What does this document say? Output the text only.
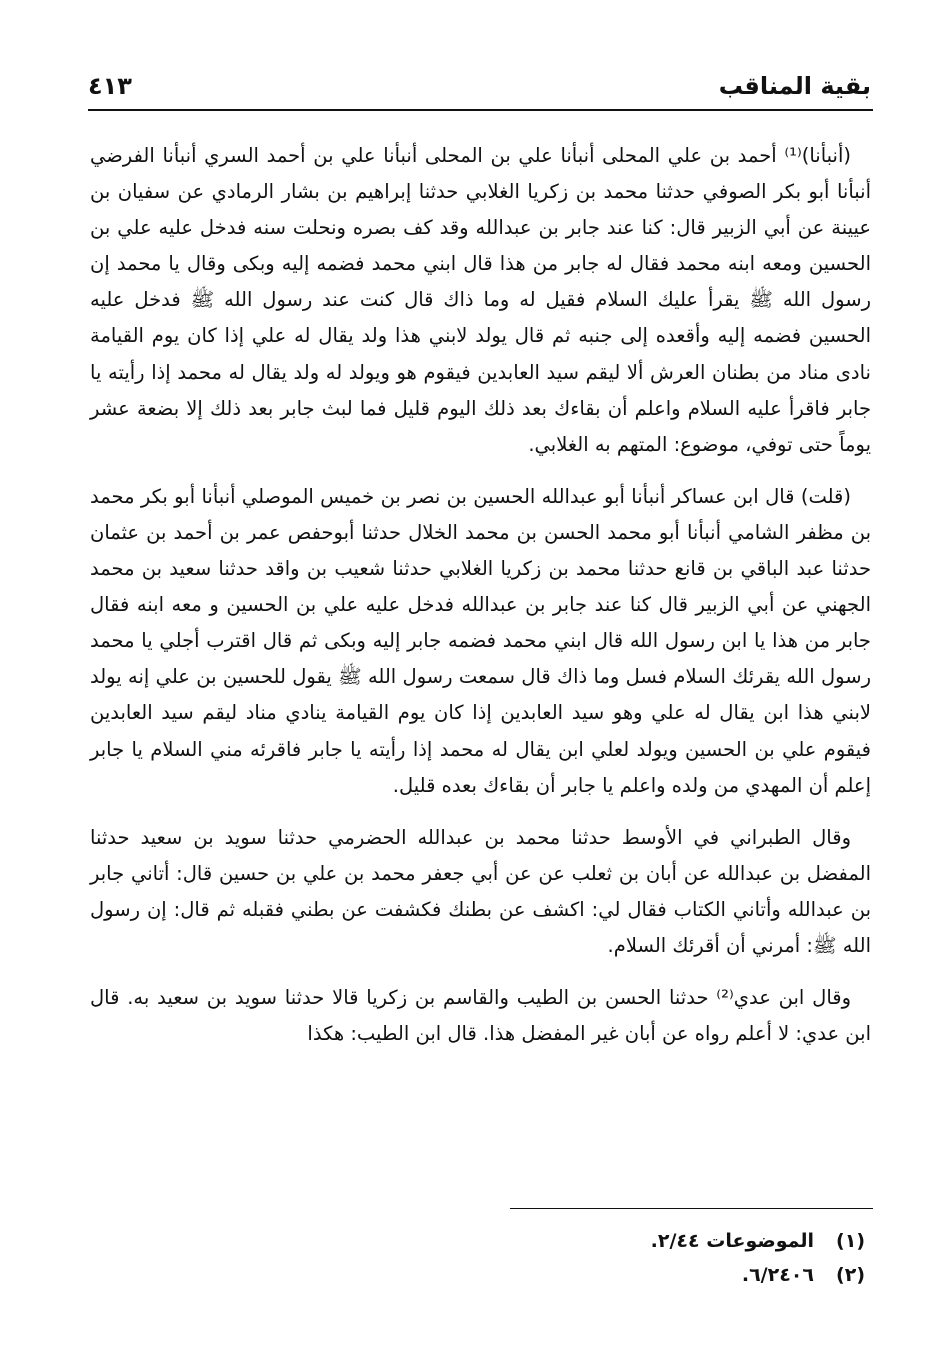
بقية المناقب
٤١٣

(أنبأنا)⁽¹⁾ أحمد بن علي المحلى أنبأنا علي بن المحلى أنبأنا علي بن أحمد السري أنبأنا الفرضي أنبأنا أبو بكر الصوفي حدثنا محمد بن زكريا الغلابي حدثنا إبراهيم بن بشار الرمادي عن سفيان بن عيينة عن أبي الزبير قال: كنا عند جابر بن عبدالله وقد كف بصره ونحلت سنه فدخل عليه علي بن الحسين ومعه ابنه محمد فقال له جابر من هذا قال ابني محمد فضمه إليه وبكى وقال يا محمد إن رسول الله ﷺ يقرأ عليك السلام فقيل له وما ذاك قال كنت عند رسول الله ﷺ فدخل عليه الحسين فضمه إليه وأقعده إلى جنبه ثم قال يولد لابني هذا ولد يقال له علي إذا كان يوم القيامة نادى مناد من بطنان العرش ألا ليقم سيد العابدين فيقوم هو ويولد له ولد يقال له محمد إذا رأيته يا جابر فاقرأ عليه السلام واعلم أن بقاءك بعد ذلك اليوم قليل فما لبث جابر بعد ذلك إلا بضعة عشر يوماً حتى توفي، موضوع: المتهم به الغلابي.

(قلت) قال ابن عساكر أنبأنا أبو عبدالله الحسين بن نصر بن خميس الموصلي أنبأنا أبو بكر محمد بن مظفر الشامي أنبأنا أبو محمد الحسن بن محمد الخلال حدثنا أبوحفص عمر بن أحمد بن عثمان حدثنا عبد الباقي بن قانع حدثنا محمد بن زكريا الغلابي حدثنا شعيب بن واقد حدثنا سعيد بن محمد الجهني عن أبي الزبير قال كنا عند جابر بن عبدالله فدخل عليه علي بن الحسين و معه ابنه فقال جابر من هذا يا ابن رسول الله قال ابني محمد فضمه جابر إليه وبكى ثم قال اقترب أجلي يا محمد رسول الله يقرئك السلام فسل وما ذاك قال سمعت رسول الله ﷺ يقول للحسين بن علي إنه يولد لابني هذا ابن يقال له علي وهو سيد العابدين إذا كان يوم القيامة ينادي مناد ليقم سيد العابدين فيقوم علي بن الحسين ويولد لعلي ابن يقال له محمد إذا رأيته يا جابر فاقرئه مني السلام يا جابر إعلم أن المهدي من ولده واعلم يا جابر أن بقاءك بعده قليل.

وقال الطبراني في الأوسط حدثنا محمد بن عبدالله الحضرمي حدثنا سويد بن سعيد حدثنا المفضل بن عبدالله عن أبان بن ثعلب عن عن أبي جعفر محمد بن علي بن حسين قال: أتاني جابر بن عبدالله وأتاني الكتاب فقال لي: اكشف عن بطنك فكشفت عن بطني فقبله ثم قال: إن رسول الله ﷺ: أمرني أن أقرئك السلام.

وقال ابن عدي⁽²⁾ حدثنا الحسن بن الطيب والقاسم بن زكريا قالا حدثنا سويد بن سعيد به. قال ابن عدي: لا أعلم رواه عن أبان غير المفضل هذا. قال ابن الطيب: هكذا

(١)
الموضوعات ٢/٤٤.
(٢)
٦/٢٤٠٦.
